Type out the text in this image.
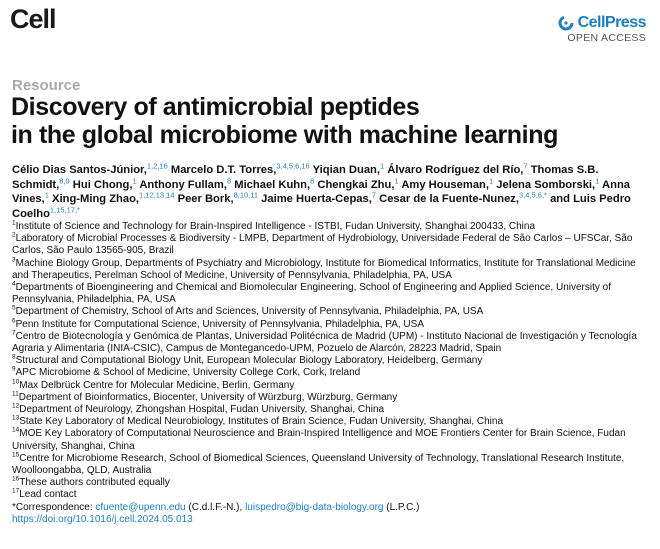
Cell	CellPress
OPEN ACCESS
Resource
Discovery of antimicrobial peptides
in the global microbiome with machine learning
Célio Dias Santos-Júnior,$^{1,2,16}$ Marcelo D.T. Torres,$^{3,4,5,6,16}$ Yiqian Duan,$^1$ Álvaro Rodríguez del Río,$^7$ Thomas S.B. Schmidt,$^{8,9}$ Hui Chong,$^1$ Anthony Fullam,$^8$ Michael Kuhn,$^8$ Chengkai Zhu,$^1$ Amy Houseman,$^1$ Jelena Somborski,$^1$ Anna Vines,$^1$ Xing-Ming Zhao,$^{1,12,13,14}$ Peer Bork,$^{8,10,11}$ Jaime Huerta-Cepas,$^7$ Cesar de la Fuente-Nunez,$^{3,4,5,6,*}$ and Luis Pedro Coelho$^{1,15,17,*}$

$^1$Institute of Science and Technology for Brain-Inspired Intelligence - ISTBI, Fudan University, Shanghai 200433, China

$^2$Laboratory of Microbial Processes & Biodiversity - LMPB, Department of Hydrobiology, Universidade Federal de São Carlos – UFSCar, São Carlos, São Paulo 13565-905, Brazil

$^3$Machine Biology Group, Departments of Psychiatry and Microbiology, Institute for Biomedical Informatics, Institute for Translational Medicine and Therapeutics, Perelman School of Medicine, University of Pennsylvania, Philadelphia, PA, USA

$^4$Departments of Bioengineering and Chemical and Biomolecular Engineering, School of Engineering and Applied Science, University of Pennsylvania, Philadelphia, PA, USA

$^5$Department of Chemistry, School of Arts and Sciences, University of Pennsylvania, Philadelphia, PA, USA

$^6$Penn Institute for Computational Science, University of Pennsylvania, Philadelphia, PA, USA

$^7$Centro de Biotecnología y Genómica de Plantas, Universidad Politécnica de Madrid (UPM) - Instituto Nacional de Investigación y Tecnología Agraria y Alimentaria (INIA-CSIC), Campus de Montegancedo-UPM, Pozuelo de Alarcón, 28223 Madrid, Spain

$^8$Structural and Computational Biology Unit, European Molecular Biology Laboratory, Heidelberg, Germany

$^9$APC Microbiome & School of Medicine, University College Cork, Cork, Ireland

$^{10}$Max Delbrück Centre for Molecular Medicine, Berlin, Germany

$^{11}$Department of Bioinformatics, Biocenter, University of Würzburg, Würzburg, Germany

$^{12}$Department of Neurology, Zhongshan Hospital, Fudan University, Shanghai, China

$^{13}$State Key Laboratory of Medical Neurobiology, Institutes of Brain Science, Fudan University, Shanghai, China

$^{14}$MOE Key Laboratory of Computational Neuroscience and Brain-Inspired Intelligence and MOE Frontiers Center for Brain Science, Fudan University, Shanghai, China

$^{15}$Centre for Microbiome Research, School of Biomedical Sciences, Queensland University of Technology, Translational Research Institute, Woolloongabba, QLD, Australia

$^{16}$These authors contributed equally

$^{17}$Lead contact

*Correspondence: cfuente@upenn.edu (C.d.l.F.-N.), luispedro@big-data-biology.org (L.P.C.)

https://doi.org/10.1016/j.cell.2024.05.013
